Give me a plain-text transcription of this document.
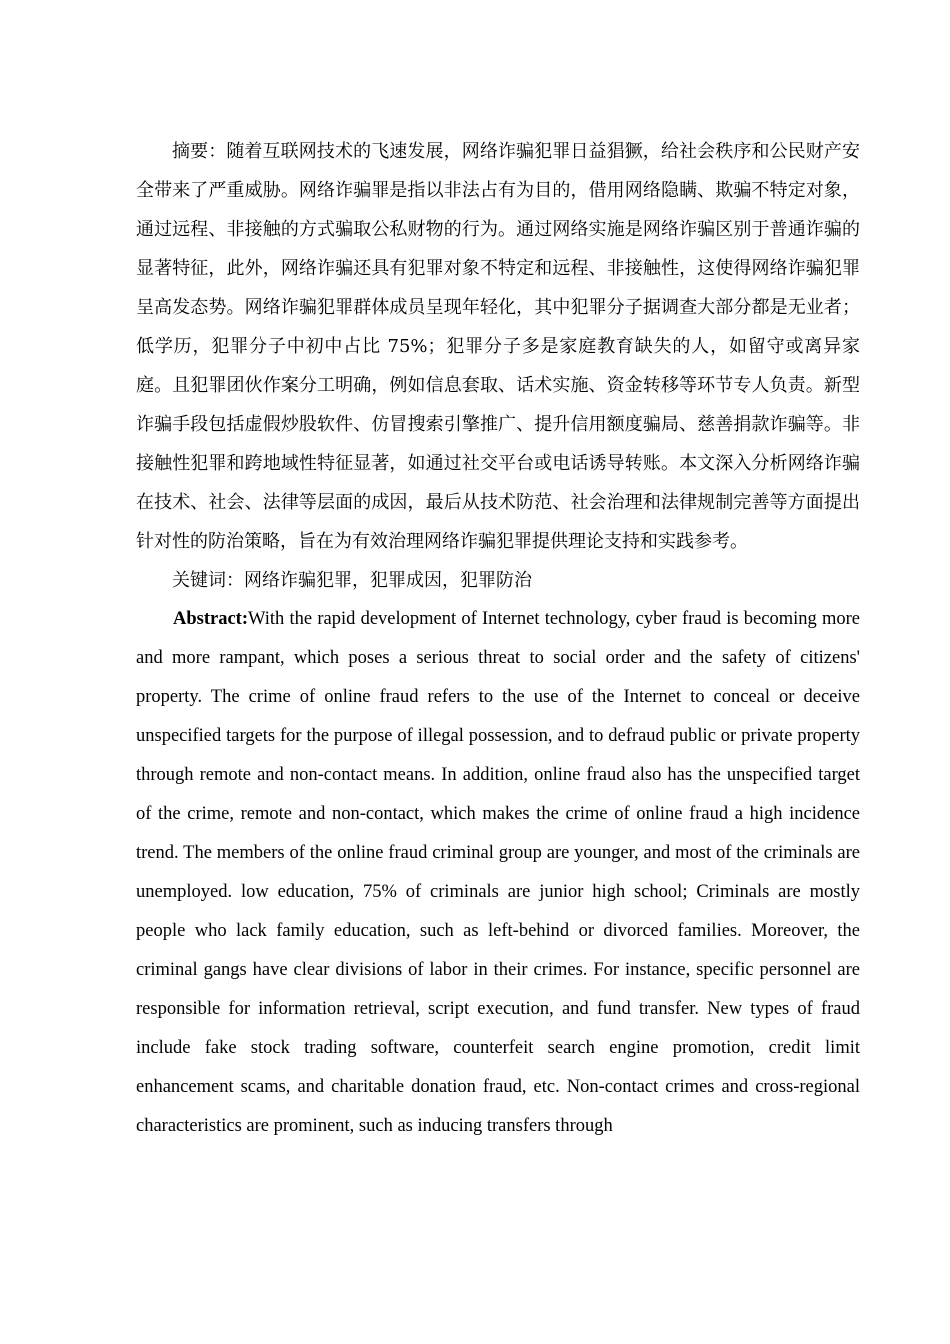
摘要：随着互联网技术的飞速发展，网络诈骗犯罪日益猖獗，给社会秩序和公民财产安全带来了严重威胁。网络诈骗罪是指以非法占有为目的，借用网络隐瞒、欺骗不特定对象，通过远程、非接触的方式骗取公私财物的行为。通过网络实施是网络诈骗区别于普通诈骗的显著特征，此外，网络诈骗还具有犯罪对象不特定和远程、非接触性，这使得网络诈骗犯罪呈高发态势。网络诈骗犯罪群体成员呈现年轻化，其中犯罪分子据调查大部分都是无业者；低学历，犯罪分子中初中占比 75%；犯罪分子多是家庭教育缺失的人，如留守或离异家庭。且犯罪团伙作案分工明确，例如信息套取、话术实施、资金转移等环节专人负责。新型诈骗手段包括虚假炒股软件、仿冒搜索引擎推广、提升信用额度骗局、慈善捐款诈骗等。非接触性犯罪和跨地域性特征显著，如通过社交平台或电话诱导转账。本文深入分析网络诈骗在技术、社会、法律等层面的成因，最后从技术防范、社会治理和法律规制完善等方面提出针对性的防治策略，旨在为有效治理网络诈骗犯罪提供理论支持和实践参考。

关键词：网络诈骗犯罪，犯罪成因，犯罪防治

Abstract:With the rapid development of Internet technology, cyber fraud is becoming more and more rampant, which poses a serious threat to social order and the safety of citizens' property. The crime of online fraud refers to the use of the Internet to conceal or deceive unspecified targets for the purpose of illegal possession, and to defraud public or private property through remote and non-contact means. In addition, online fraud also has the unspecified target of the crime, remote and non-contact, which makes the crime of online fraud a high incidence trend. The members of the online fraud criminal group are younger, and most of the criminals are unemployed. low education, 75% of criminals are junior high school; Criminals are mostly people who lack family education, such as left-behind or divorced families. Moreover, the criminal gangs have clear divisions of labor in their crimes. For instance, specific personnel are responsible for information retrieval, script execution, and fund transfer. New types of fraud include fake stock trading software, counterfeit search engine promotion, credit limit enhancement scams, and charitable donation fraud, etc. Non-contact crimes and cross-regional characteristics are prominent, such as inducing transfers through
